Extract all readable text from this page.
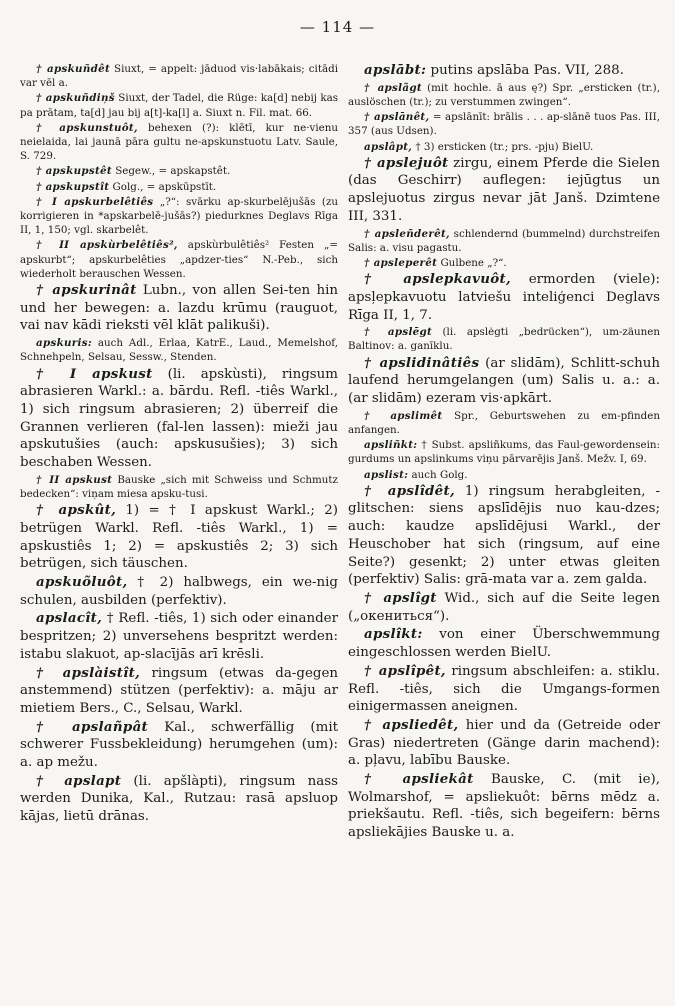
— 114 —

† apskuñdêt Siuxt, = appelt: jāduod vis·labākais; citādi var vēl a.

† apskuñdiņš Siuxt, der Tadel, die Rüge: ka[d] nebij kas pa prātam, ta[d] jau bij a[t]-ka[l] a. Siuxt n. Fil. mat. 66.

† apskunstuôt, behexen (?): klētī, kur ne·vienu neielaida, lai jaunā pāra gultu ne-apskunstuotu Latv. Saule, S. 729.

† apskupstêt Segew., = apskapstêt.

† apskupstît Golg., = apskūpstīt.

† I apskurbelêtiês „?“: svārku ap-skurbelējušās (zu korrigieren in *apskarbelē-jušās?) piedurknes Deglavs Rīga II, 1, 150; vgl. skarbelêt.

† II apskùrbelêtiês², apskùrbulêtiês² Festen „= apskurbt“; apskurbelêties „apdzer-ties“ N.-Peb., sich wiederholt berauschen Wessen.

† apskurinât Lubn., von allen Sei-ten hin und her bewegen: a. lazdu krūmu (rauguot, vai nav kādi rieksti vēl klāt palikuši).

apskuris: auch Adl., Erlaa, KatrE., Laud., Memelshof, Schnehpeln, Selsau, Sessw., Stenden.

† I apskust (li. apskùsti), ringsum abrasieren Warkl.: a. bārdu. Refl. -tiês Warkl., 1) sich ringsum abrasieren; 2) überreif die Grannen verlieren (fal-len lassen): mieži jau apskutušies (auch: apskusušies); 3) sich beschaben Wessen.

† II apskust Bauske „sich mit Schweiss und Schmutz bedecken“: viņam miesa apsku-tusi.

† apskût, 1) = † I apskust Warkl.; 2) betrügen Warkl. Refl. -tiês Warkl., 1) = apskustiês 1; 2) = apskustiês 2; 3) sich betrügen, sich täuschen.

apskuõluôt, † 2) halbwegs, ein we-nig schulen, ausbilden (perfektiv).

apslacît, † Refl. -tiês, 1) sich oder einander bespritzen; 2) unversehens bespritzt werden: istabu slakuot, ap-slacījās arī krēsli.

† apslàistît, ringsum (etwas da-gegen anstemmend) stützen (perfektiv): a. māju ar mietiem Bers., C., Selsau, Warkl.

† apslañpât Kal., schwerfällig (mit schwerer Fussbekleidung) herumgehen (um): a. ap mežu.

† apslapt (li. apšlàpti), ringsum nass werden Dunika, Kal., Rutzau: rasā apsluop kājas, lietū drānas.

apslābt: putins apslāba Pas. VII, 288.

† apslãgt (mit hochle. ā aus ę?) Spr. „ersticken (tr.), auslöschen (tr.); zu verstummen zwingen“.

† apslānêt, = apslānīt: brālis . . . ap-slānē tuos Pas. III, 357 (aus Udsen).

apslâpt, † 3) ersticken (tr.; prs. -pju) BielU.

† apslejuôt zirgu, einem Pferde die Sielen (das Geschirr) auflegen: iejūgtus un apslejuotus zirgus nevar jāt Janš. Dzimtene III, 331.

† apsleñderêt, schlendernd (bummelnd) durchstreifen Salis: a. visu pagastu.

† apsleperêt Gulbene „?“.

† apslepkavuôt, ermorden (viele): apsl̦epkavuotu latviešu inteliģenci Deglavs Rīga II, 1, 7.

† apslēgt (li. apslėgti „bedrücken“), um-zäunen Baltinov: a. ganīklu.

† apslidinâtiês (ar slidām), Schlitt-schuh laufend herumgelangen (um) Salis u. a.: a. (ar slidām) ezeram vis·apkārt.

† apslimêt Spr., Geburtswehen zu em-pfinden anfangen.

apsliñkt: † Subst. apsliñkums, das Faul-gewordensein: gurdums un apslinkums viņu pārvarējis Janš. Mežv. I, 69.

apslist: auch Golg.

† apslîdêt, 1) ringsum herabgleiten, -glitschen: siens apslīdējis nuo kau-dzes; auch: kaudze apslīdējusi Warkl., der Heuschober hat sich (ringsum, auf eine Seite?) gesenkt; 2) unter etwas gleiten (perfektiv) Salis: grā-mata var a. zem galda.

† apslîgt Wid., sich auf die Seite legen („окениться“).

apslîkt: von einer Überschwemmung eingeschlossen werden BielU.

† apslîpêt, ringsum abschleifen: a. stiklu. Refl. -tiês, sich die Umgangs-formen einigermassen aneignen.

† apsliedêt, hier und da (Getreide oder Gras) niedertreten (Gänge darin machend): a. pļavu, labību Bauske.

† apsliekât Bauske, C. (mit ie), Wolmarshof, = apsliekuôt: bērns mēdz a. priekšautu. Refl. -tiês, sich begeifern: bērns apsliekājies Bauske u. a.
